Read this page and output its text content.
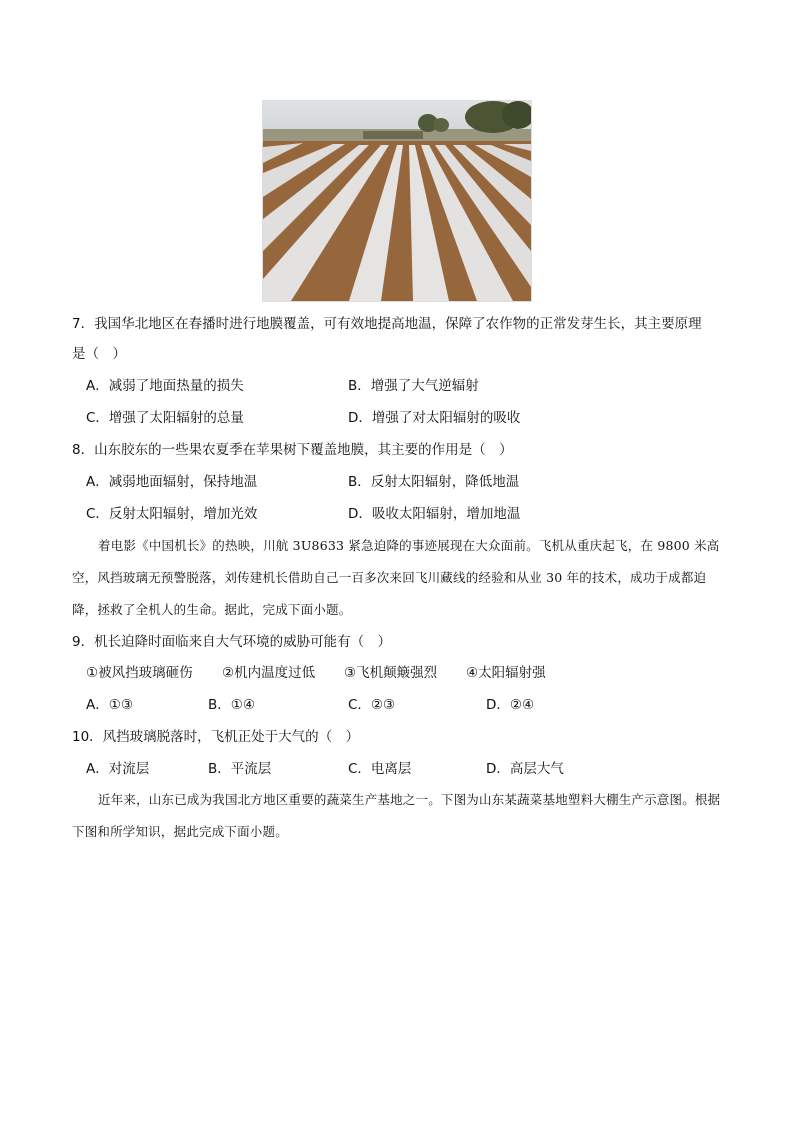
7．我国华北地区在春播时进行地膜覆盖，可有效地提高地温，保障了农作物的正常发芽生长，其主要原理
是（　）
A．减弱了地面热量的损失	B．增强了大气逆辐射
C．增强了太阳辐射的总量	D．增强了对太阳辐射的吸收
8．山东胶东的一些果农夏季在苹果树下覆盖地膜，其主要的作用是（　）
A．减弱地面辐射，保持地温	B．反射太阳辐射，降低地温
C．反射太阳辐射，增加光效	D．吸收太阳辐射，增加地温
着电影《中国机长》的热映，川航 3U8633 紧急迫降的事迹展现在大众面前。飞机从重庆起飞，在 9800 米高空，风挡玻璃无预警脱落，刘传建机长借助自己一百多次来回飞川藏线的经验和从业 30 年的技术，成功于成都迫降，拯救了全机人的生命。据此，完成下面小题。
9．机长迫降时面临来自大气环境的威胁可能有（　）
①被风挡玻璃砸伤 ②机内温度过低 ③飞机颠簸强烈 ④太阳辐射强
A．①③	B．①④	C．②③	D．②④
10．风挡玻璃脱落时，飞机正处于大气的（　）
A．对流层	B．平流层	C．电离层	D．高层大气
近年来，山东已成为我国北方地区重要的蔬菜生产基地之一。下图为山东某蔬菜基地塑料大棚生产示意图。根据下图和所学知识，据此完成下面小题。
